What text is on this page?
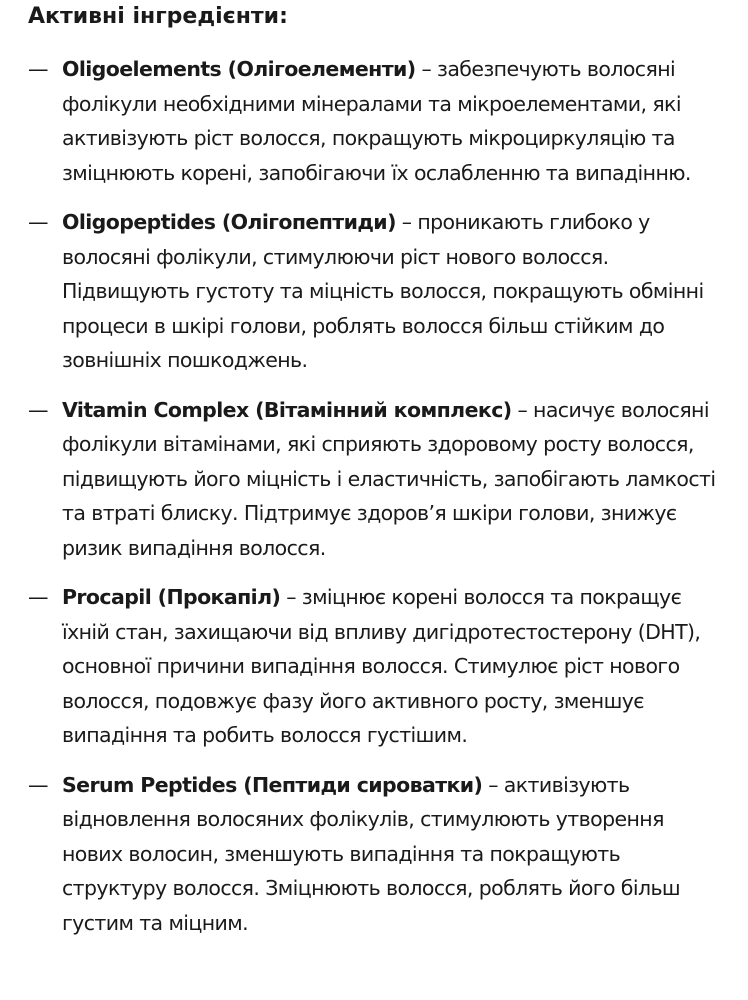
Активні інгредієнти:
— Oligoelements (Олігоелементи) – забезпечують волосяні фолікули необхідними мінералами та мікроелементами, які активізують ріст волосся, покращують мікроциркуляцію та зміцнюють корені, запобігаючи їх ослабленню та випадінню.
— Oligopeptides (Олігопептиди) – проникають глибоко у волосяні фолікули, стимулюючи ріст нового волосся. Підвищують густоту та міцність волосся, покращують обмінні процеси в шкірі голови, роблять волосся більш стійким до зовнішніх пошкоджень.
— Vitamin Complex (Вітамінний комплекс) – насичує волосяні фолікули вітамінами, які сприяють здоровому росту волосся, підвищують його міцність і еластичність, запобігають ламкості та втраті блиску. Підтримує здоров’я шкіри голови, знижує ризик випадіння волосся.
— Procapil (Прокапіл) – зміцнює корені волосся та покращує їхній стан, захищаючи від впливу дигідротестостерону (DHT), основної причини випадіння волосся. Стимулює ріст нового волосся, подовжує фазу його активного росту, зменшує випадіння та робить волосся густішим.
— Serum Peptides (Пептиди сироватки) – активізують відновлення волосяних фолікулів, стимулюють утворення нових волосин, зменшують випадіння та покращують структуру волосся. Зміцнюють волосся, роблять його більш густим та міцним.
